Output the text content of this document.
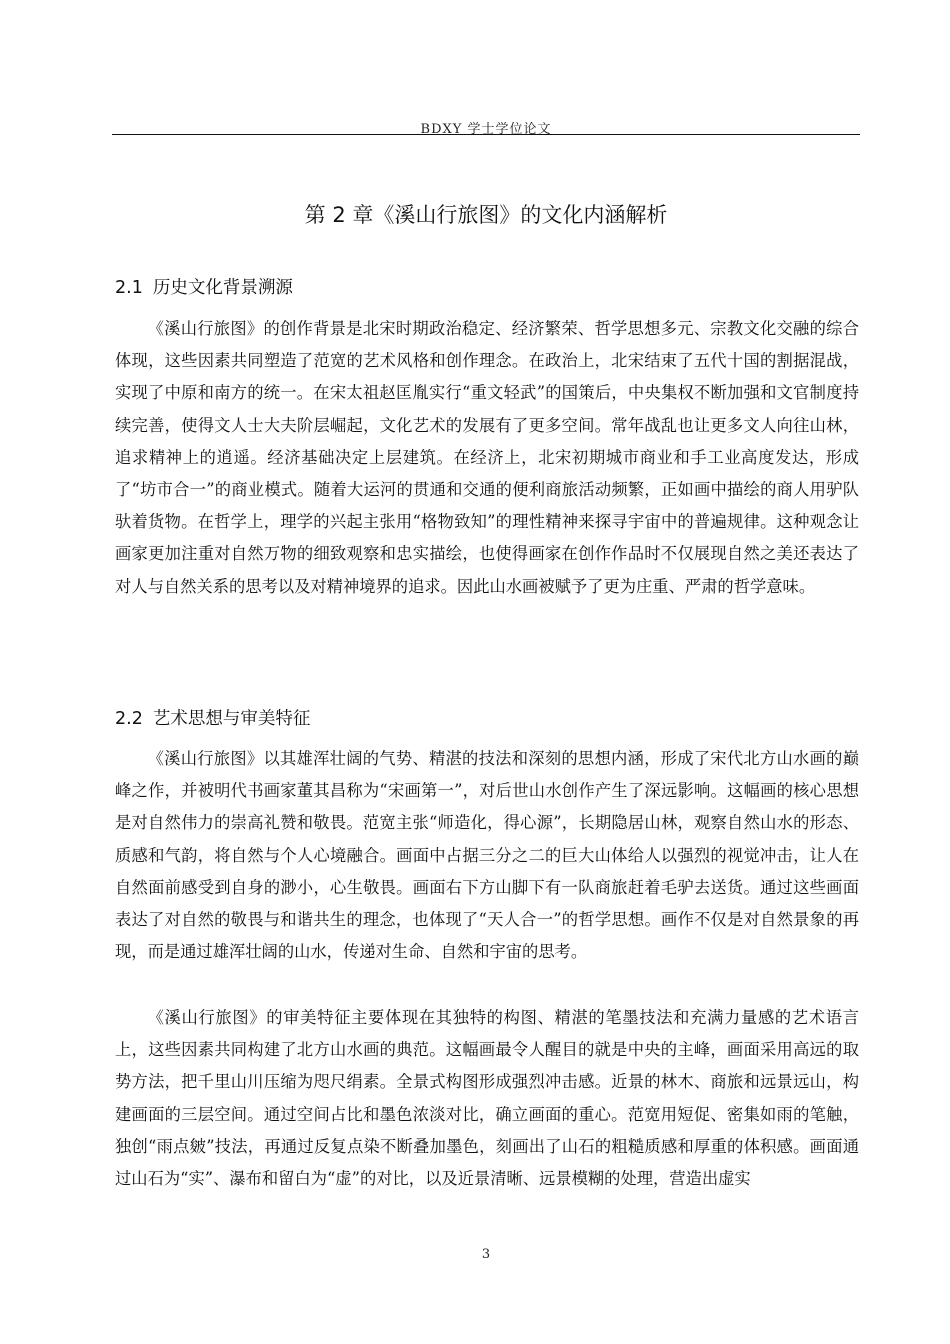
BDXY 学士学位论文
第 2 章《溪山行旅图》的文化内涵解析
2.1 历史文化背景溯源

《溪山行旅图》的创作背景是北宋时期政治稳定、经济繁荣、哲学思想多元、宗教文化交融的综合体现，这些因素共同塑造了范宽的艺术风格和创作理念。在政治上，北宋结束了五代十国的割据混战，实现了中原和南方的统一。在宋太祖赵匡胤实行“重文轻武”的国策后，中央集权不断加强和文官制度持续完善，使得文人士大夫阶层崛起，文化艺术的发展有了更多空间。常年战乱也让更多文人向往山林，追求精神上的逍遥。经济基础决定上层建筑。在经济上，北宋初期城市商业和手工业高度发达，形成了“坊市合一”的商业模式。随着大运河的贯通和交通的便利商旅活动频繁，正如画中描绘的商人用驴队驮着货物。在哲学上，理学的兴起主张用“格物致知”的理性精神来探寻宇宙中的普遍规律。这种观念让画家更加注重对自然万物的细致观察和忠实描绘，也使得画家在创作作品时不仅展现自然之美还表达了对人与自然关系的思考以及对精神境界的追求。因此山水画被赋予了更为庄重、严肃的哲学意味。

2.2 艺术思想与审美特征

《溪山行旅图》以其雄浑壮阔的气势、精湛的技法和深刻的思想内涵，形成了宋代北方山水画的巅峰之作，并被明代书画家董其昌称为“宋画第一”，对后世山水创作产生了深远影响。这幅画的核心思想是对自然伟力的崇高礼赞和敬畏。范宽主张“师造化，得心源”，长期隐居山林，观察自然山水的形态、质感和气韵，将自然与个人心境融合。画面中占据三分之二的巨大山体给人以强烈的视觉冲击，让人在自然面前感受到自身的渺小，心生敬畏。画面右下方山脚下有一队商旅赶着毛驴去送货。通过这些画面表达了对自然的敬畏与和谐共生的理念，也体现了“天人合一”的哲学思想。画作不仅是对自然景象的再现，而是通过雄浑壮阔的山水，传递对生命、自然和宇宙的思考。

《溪山行旅图》的审美特征主要体现在其独特的构图、精湛的笔墨技法和充满力量感的艺术语言上，这些因素共同构建了北方山水画的典范。这幅画最令人醒目的就是中央的主峰，画面采用高远的取势方法，把千里山川压缩为咫尺绢素。全景式构图形成强烈冲击感。近景的林木、商旅和远景远山，构建画面的三层空间。通过空间占比和墨色浓淡对比，确立画面的重心。范宽用短促、密集如雨的笔触，独创“雨点皴”技法，再通过反复点染不断叠加墨色，刻画出了山石的粗糙质感和厚重的体积感。画面通过山石为“实”、瀑布和留白为“虚”的对比，以及近景清晰、远景模糊的处理，营造出虚实

3
